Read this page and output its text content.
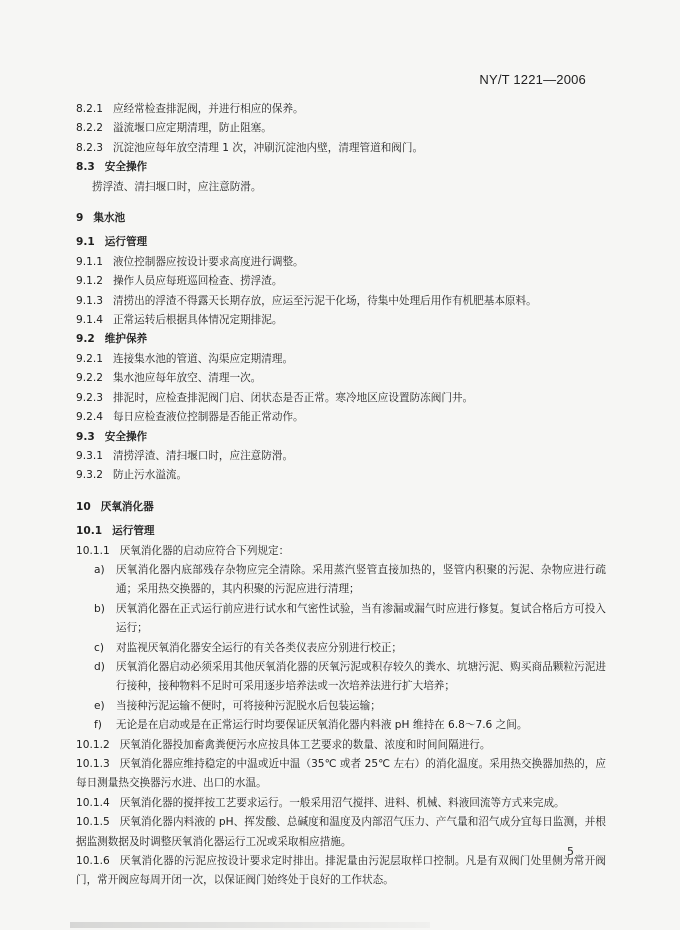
NY/T 1221—2006
8.2.1 应经常检查排泥阀，并进行相应的保养。
8.2.2 溢流堰口应定期清理，防止阻塞。
8.2.3 沉淀池应每年放空清理 1 次，冲刷沉淀池内壁，清理管道和阀门。
8.3 安全操作
捞浮渣、清扫堰口时，应注意防滑。
9 集水池
9.1 运行管理
9.1.1 液位控制器应按设计要求高度进行调整。
9.1.2 操作人员应每班巡回检查、捞浮渣。
9.1.3 清捞出的浮渣不得露天长期存放，应运至污泥干化场，待集中处理后用作有机肥基本原料。
9.1.4 正常运转后根据具体情况定期排泥。
9.2 维护保养
9.2.1 连接集水池的管道、沟渠应定期清理。
9.2.2 集水池应每年放空、清理一次。
9.2.3 排泥时，应检查排泥阀门启、闭状态是否正常。寒冷地区应设置防冻阀门井。
9.2.4 每日应检查液位控制器是否能正常动作。
9.3 安全操作
9.3.1 清捞浮渣、清扫堰口时，应注意防滑。
9.3.2 防止污水溢流。
10 厌氧消化器
10.1 运行管理
10.1.1 厌氧消化器的启动应符合下列规定：
a)	厌氧消化器内底部残存杂物应完全清除。采用蒸汽竖管直接加热的，竖管内积聚的污泥、杂物应进行疏通；采用热交换器的，其内积聚的污泥应进行清理；
b)	厌氧消化器在正式运行前应进行试水和气密性试验，当有渗漏或漏气时应进行修复。复试合格后方可投入运行；
c)	对监视厌氧消化器安全运行的有关各类仪表应分别进行校正；
d)	厌氧消化器启动必须采用其他厌氧消化器的厌氧污泥或积存较久的粪水、坑塘污泥、购买商品颗粒污泥进行接种，接种物料不足时可采用逐步培养法或一次培养法进行扩大培养；
e)	当接种污泥运输不便时，可将接种污泥脱水后包装运输；
f)	无论是在启动或是在正常运行时均要保证厌氧消化器内料液 pH 维持在 6.8～7.6 之间。
10.1.2 厌氧消化器投加畜禽粪便污水应按具体工艺要求的数量、浓度和时间间隔进行。
10.1.3 厌氧消化器应维持稳定的中温或近中温（35℃ 或者 25℃ 左右）的消化温度。采用热交换器加热的，应每日测量热交换器污水进、出口的水温。
10.1.4 厌氧消化器的搅拌按工艺要求运行。一般采用沼气搅拌、进料、机械、料液回流等方式来完成。
10.1.5 厌氧消化器内料液的 pH、挥发酸、总碱度和温度及内部沼气压力、产气量和沼气成分宜每日监测，并根据监测数据及时调整厌氧消化器运行工况或采取相应措施。
10.1.6 厌氧消化器的污泥应按设计要求定时排出。排泥量由污泥层取样口控制。凡是有双阀门处里侧为常开阀门，常开阀应每周开闭一次，以保证阀门始终处于良好的工作状态。
5
